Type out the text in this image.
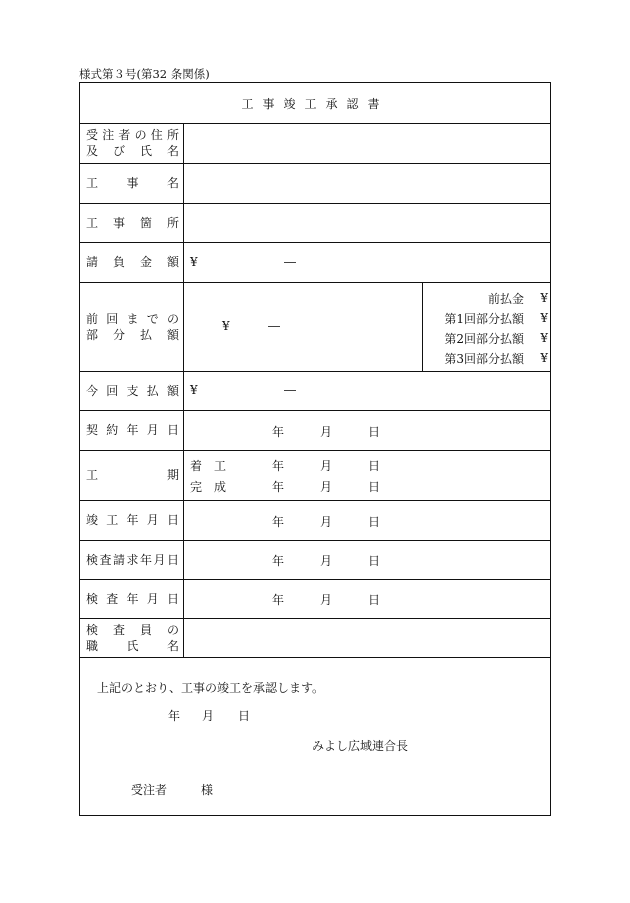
様式第３号(第32 条関係)
工事竣工承認書
受注者の住所
及び氏名
工事名
工事箇所
請負金額 ¥	―
前回までの
部分払額
¥	―
前払金	¥
第1回部分払額	¥
第2回部分払額	¥
第3回部分払額	¥
今回支払額 ¥	―
契約年月日	年	月	日
工期
着　工	年	月	日
完　成	年	月	日
竣工年月日	年	月	日
検査請求年月日	年	月	日
検査年月日	年	月	日
検査員の
職氏名
上記のとおり、工事の竣工を承認します。
年 月 日
みよし広域連合長
受注者	様
